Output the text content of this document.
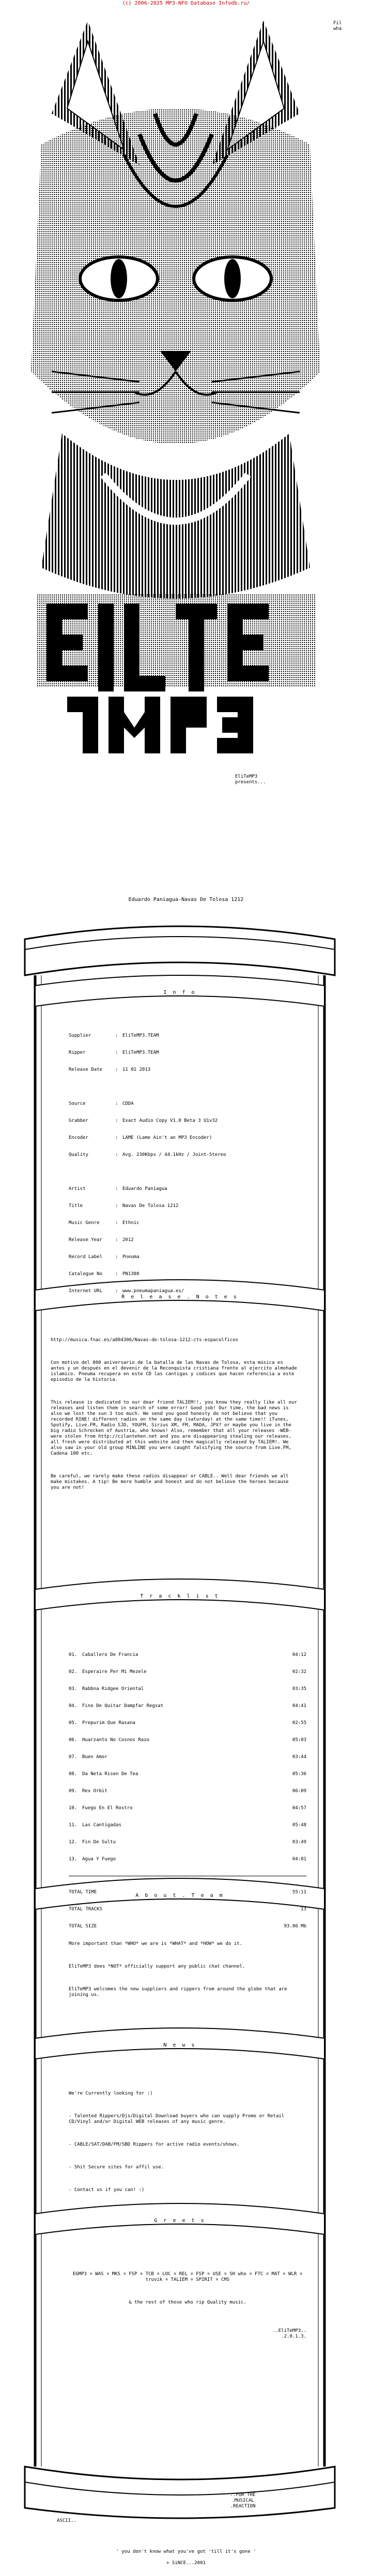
(c) 2006-2025 MP3-NFO Database Infodb.ru/
Fil
wha
EliTeMP3
presents...
Eduardo Paniagua-Navas De Tolosa 1212
I n f o

Supplier	: EliTeMP3.TEAM

Ripper	: EliTeMP3.TEAM

Release Date	: 11 01 2013

Source	: CDDA

Grabber	: Exact Audio Copy V1.0 Beta 3 U1v32

Encoder	: LAME (Lame Ain't an MP3 Encoder)

Quality	: Avg. 230Kbps / 44.1kHz / Joint-Stereo

Artist	: Eduardo Paniagua

Title	: Navas De Tolosa 1212

Music Genre	: Ethnic

Release Year	: 2012

Record Label	: Pneuma

Catalogue No	: PN1380

Internet URL	: www.pneumapaniagua.es/

R e l e a s e . N o t e s

http://musica.fnac.es/a884306/Navas-de-tolosa-1212-cts-espacolficos

Con motivo del 800 aniversario de la batalla de las Navas de Tolosa, esta música es antes y un después en el devenir de la Reconquista cristiana frente al ejercito almohade islamico. Pneuma recupera en este CD las cantigas y codices que hacen referencia a este episodio de la historia.

This release is dedicated to our dear friend TALIEM!!, you know they really like all our releases and listen them in search of some error! Good job! Our time, the bad news is also we lost the sun 3 too much. We send you good honesty do not believe that you recorded RINE! different radios on the same day (saturday) at the same time!! iTunes, Spotify, Live.FM, Radio SJD, YOUFM, Sirius XM, FM, MADA, JPX? or maybe you live in the big radio Schrecken of Austria, who knows! Also, remember that all your releases -WEB- were stolen from http://cilantehen.net and you are disappearing stealing our releases, all fresh were distributed at this website and then magically released by TALIEM!. We also saw in your old group MINLINE you were caught falsifying the source from Live.FM, Cadena 100 etc.

Be careful, we rarely make these radios disappear or CABLE.. Well dear friends we all make mistakes. A tip! Be more humble and honest and do not believe the heroes because you are not!

T r a c k l i s t

01.	Caballero De Francia	04:12

02.	Esperaire Per Mi Mezele	02:32

03.	Rabbna Ridgee Oriental	03:35

04.	Fino De Quitar Dampfar Regsat	04:41

05.	Prepurim Que Rasana	02:55

06.	Huarzanto No Cosnos Razo	05:03

07.	Buen Amor	03:44

08.	Da Neta Risen De Tea	05:36

09.	Rex Orbit	06:09

10.	Fuego En El Rostro	04:57

11.	Las Cantigadas	05:48

12.	Fin De Sultu	03:49

13.	Agua Y Fuego	04:01

TOTAL TIME	55:11

TOTAL TRACKS	13

TOTAL SIZE	93.06 Mb

A b o u t . T e a m

More important than *WHO* we are is *WHAT* and *HOW* we do it.

EliTeMP3 does *NOT* officially support any public chat channel.

EliTeMP3 welcomes the new suppliers and rippers from around the globe that are joining us.

N e w s

We're Currently looking for :)

- Talented Rippers/Djs/Digital Download buyers who can supply Promo or Retail CD/Vinyl and/or Digital WEB releases of any music genre.

- CABLE/SAT/DAB/FM/SBD Rippers for active radio events/shows.

- Shit Secure sites for affil use.

- Contact us if you can! :)

G r e e t s

EGMP3 ¤ WAS ¤ MKS ¤ FSP ¤ TCB ¤ LOC ¤ REL ¤ FSP ¤ USE ¤ SH who ¤ FTC ¤ MAT ¤ WLR ¤ truvik ¤ TALIEM ¤ SPIRIT ¤ CMS

& the rest of those who rip Quality music.

..EliTeMP3..
.2.0.1.3.

..FOR THE
.MUSICAL
.REACTION
ASCII..
' you don't know what you've got 'till it's gone '
+ SiNCE...2001
